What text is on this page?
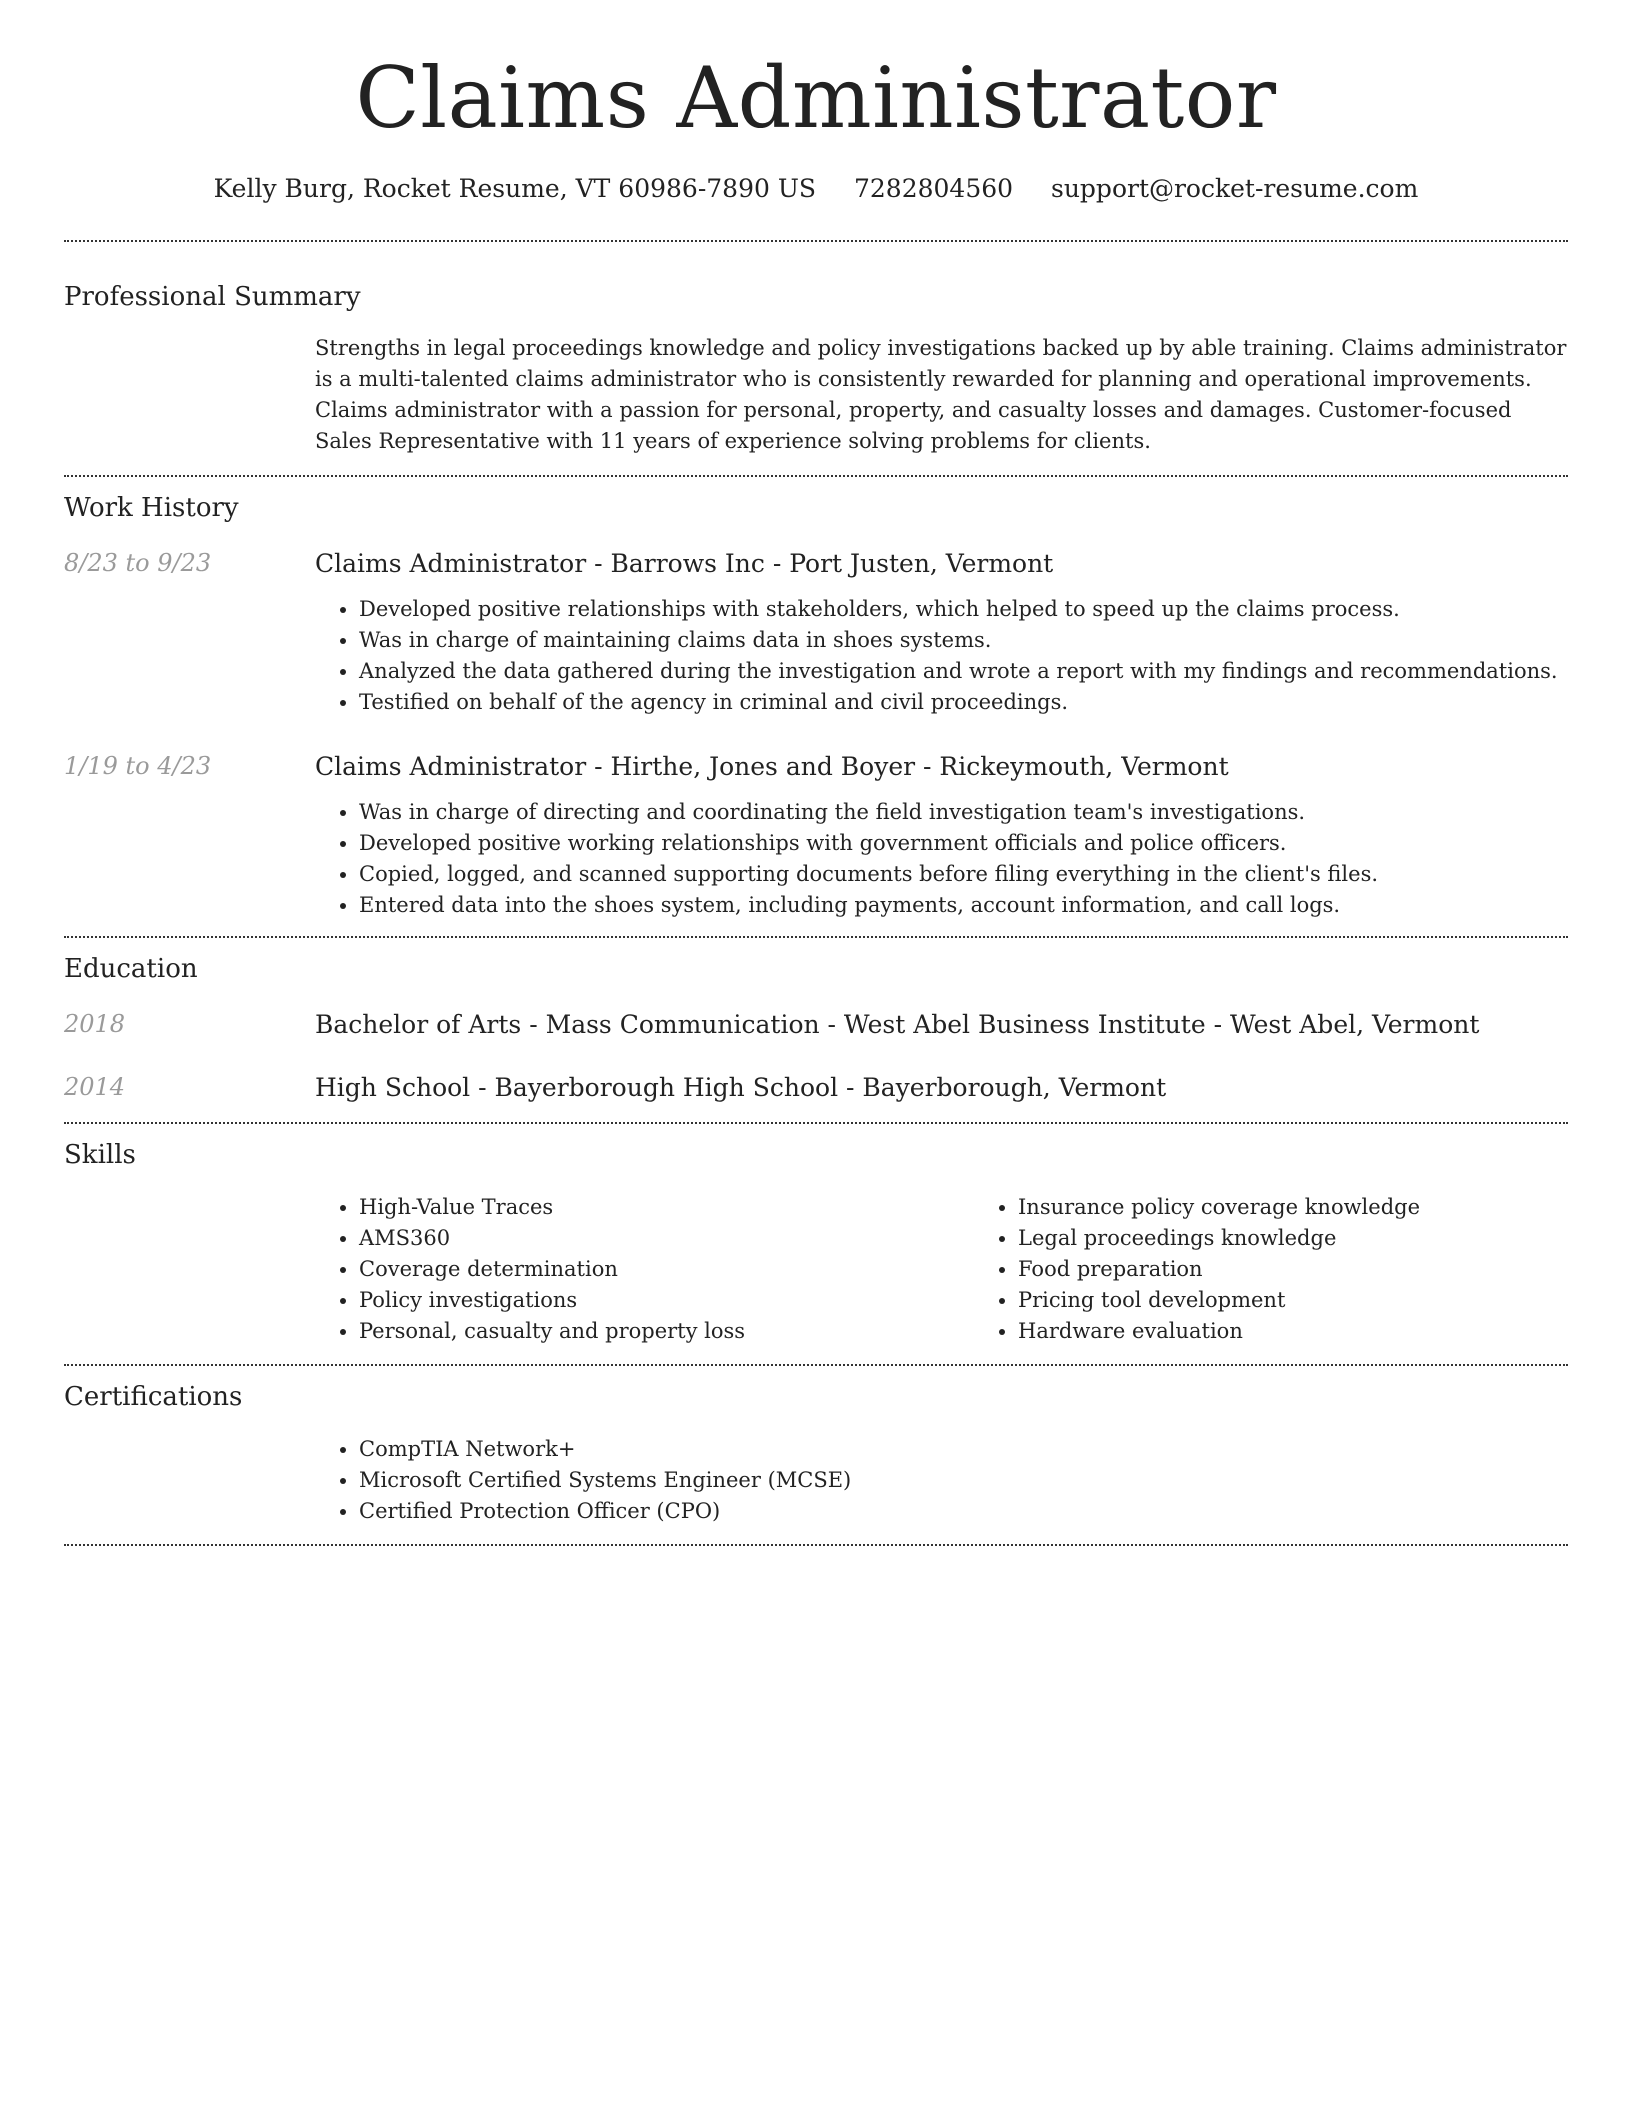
Claims Administrator
Kelly Burg, Rocket Resume, VT 60986-7890 US 7282804560 support@rocket-resume.com
Professional Summary
Strengths in legal proceedings knowledge and policy investigations backed up by able training. Claims administrator is a multi-talented claims administrator who is consistently rewarded for planning and operational improvements. Claims administrator with a passion for personal, property, and casualty losses and damages. Customer-focused Sales Representative with 11 years of experience solving problems for clients.
Work History
8/23 to 9/23	Claims Administrator - Barrows Inc - Port Justen, Vermont
• Developed positive relationships with stakeholders, which helped to speed up the claims process.
• Was in charge of maintaining claims data in shoes systems.
• Analyzed the data gathered during the investigation and wrote a report with my findings and recommendations.
• Testified on behalf of the agency in criminal and civil proceedings.
1/19 to 4/23	Claims Administrator - Hirthe, Jones and Boyer - Rickeymouth, Vermont
• Was in charge of directing and coordinating the field investigation team's investigations.
• Developed positive working relationships with government officials and police officers.
• Copied, logged, and scanned supporting documents before filing everything in the client's files.
• Entered data into the shoes system, including payments, account information, and call logs.
Education
2018	Bachelor of Arts - Mass Communication - West Abel Business Institute - West Abel, Vermont
2014	High School - Bayerborough High School - Bayerborough, Vermont
Skills
• High-Value Traces
• AMS360
• Coverage determination
• Policy investigations
• Personal, casualty and property loss
• Insurance policy coverage knowledge
• Legal proceedings knowledge
• Food preparation
• Pricing tool development
• Hardware evaluation
Certifications
• CompTIA Network+
• Microsoft Certified Systems Engineer (MCSE)
• Certified Protection Officer (CPO)
